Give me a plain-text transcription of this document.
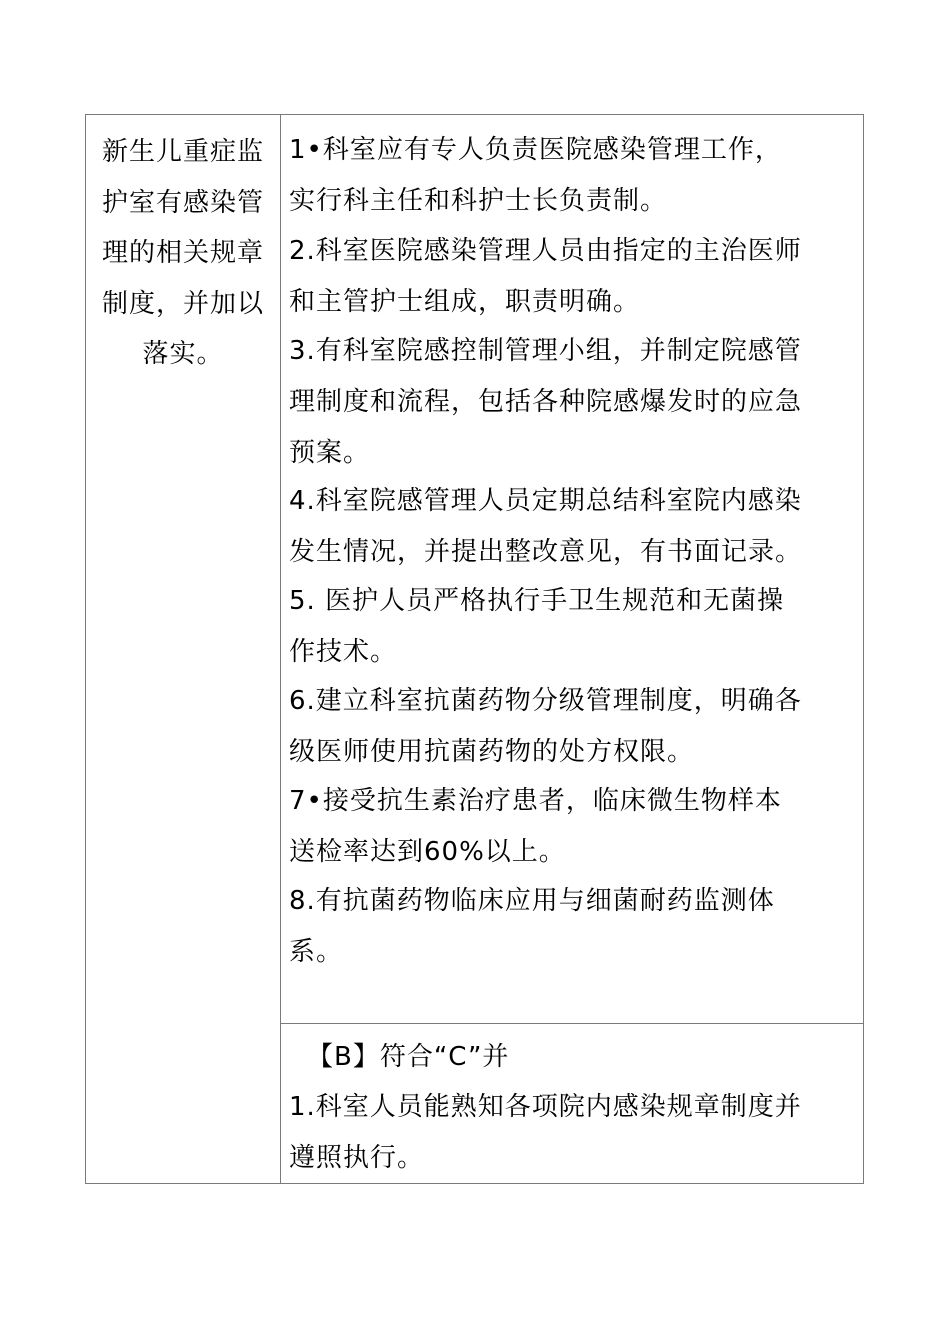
新生儿重症监
护室有感染管
理的相关规章
制度，并加以
落实。
1•科室应有专人负责医院感染管理工作，
实行科主任和科护士长负责制。
2.科室医院感染管理人员由指定的主治医师
和主管护士组成，职责明确。
3.有科室院感控制管理小组，并制定院感管
理制度和流程，包括各种院感爆发时的应急
预案。
4.科室院感管理人员定期总结科室院内感染
发生情况，并提出整改意见，有书面记录。
5. 医护人员严格执行手卫生规范和无菌操
作技术。
6.建立科室抗菌药物分级管理制度，明确各
级医师使用抗菌药物的处方权限。
7•接受抗生素治疗患者，临床微生物样本
送检率达到60%以上。
8.有抗菌药物临床应用与细菌耐药监测体
系。
【B】符合“C”并
1.科室人员能熟知各项院内感染规章制度并
遵照执行。
